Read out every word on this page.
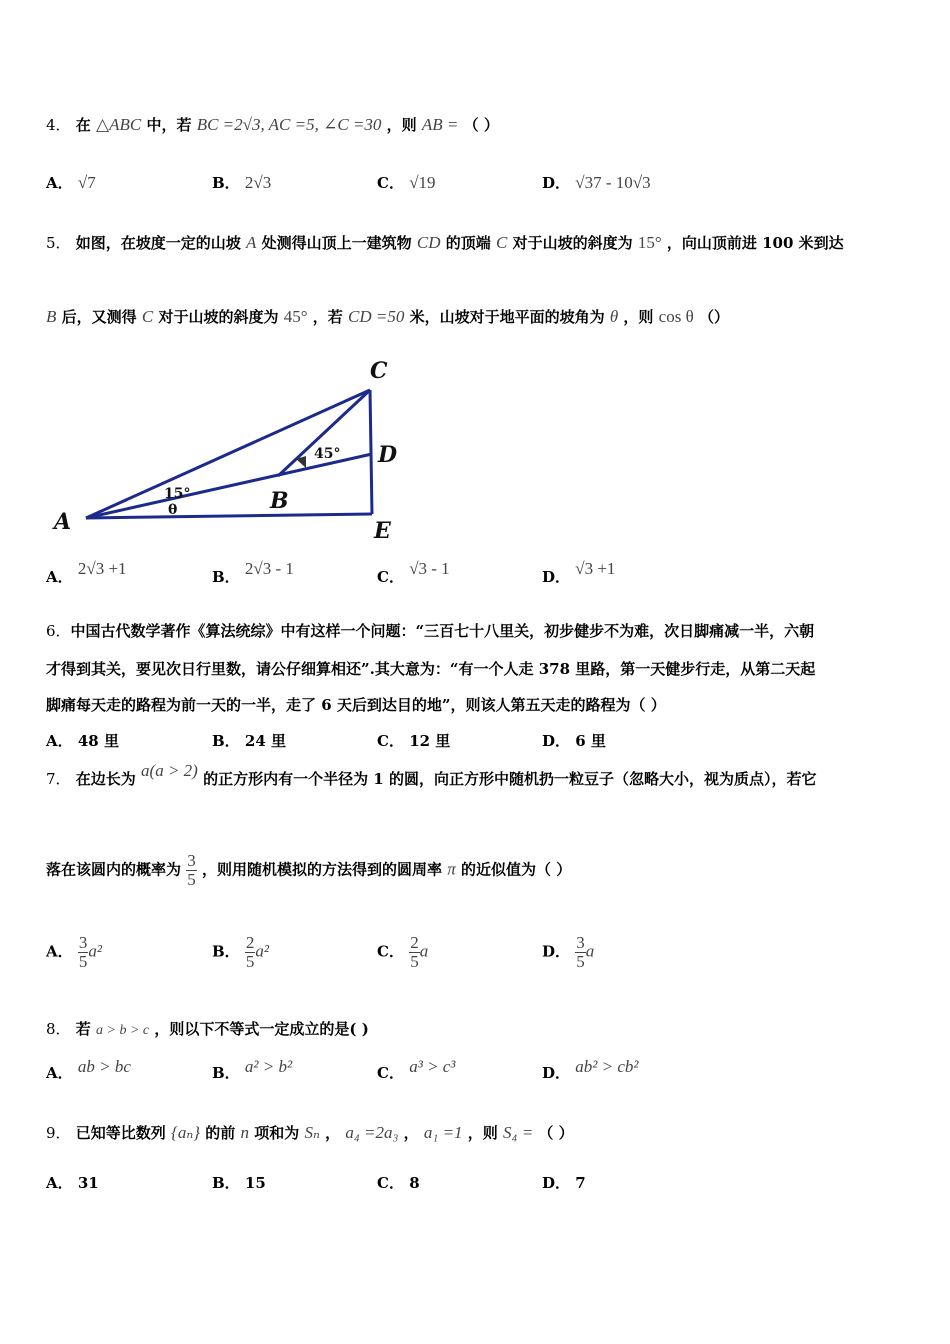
4． 在 △ABC 中，若 BC =2√3, AC =5, ∠C =30 ，则 AB = （ ）
A． √7	B． 2√3	C． √19	D． √37 - 10√3
5． 如图，在坡度一定的山坡 A 处测得山顶上一建筑物 CD 的顶端 C 对于山坡的斜度为 15° ，向山顶前进 100 米到达
B 后，又测得 C 对于山坡的斜度为 45° ，若 CD =50 米，山坡对于地平面的坡角为 θ ，则 cos θ （）
A
B
C
D
E
15°
θ
45°
A． 2√3 +1	B． 2√3 - 1	C． √3 - 1	D． √3 +1
6．中国古代数学著作《算法统综》中有这样一个问题：“三百七十八里关，初步健步不为难，次日脚痛减一半，六朝
才得到其关，要见次日行里数，请公仔细算相还”.其大意为：“有一个人走 378 里路，第一天健步行走，从第二天起
脚痛每天走的路程为前一天的一半，走了 6 天后到达目的地”，则该人第五天走的路程为（ ）
A． 48 里	B． 24 里	C． 12 里	D． 6 里
7． 在边长为 a(a > 2) 的正方形内有一个半径为 1 的圆，向正方形中随机扔一粒豆子（忽略大小，视为质点），若它
落在该圆内的概率为 $\frac{3}{5}$ ，则用随机模拟的方法得到的圆周率 π 的近似值为（ ）
A． $\frac{3}{5} a^2$	B． $\frac{2}{5} a^2$	C． $\frac{2}{5}$ a	D． $\frac{3}{5}$ a
8． 若 a > b > c ，则以下不等式一定成立的是( )
A． ab > bc	B． a² > b²	C． a³ > c³	D． ab² > cb²
9． 已知等比数列 {aₙ} 的前 n 项和为 Sₙ ， a₄ =2a₃ ， a₁ =1 ，则 S₄ = （ ）
A． 31	B． 15	C． 8	D． 7
